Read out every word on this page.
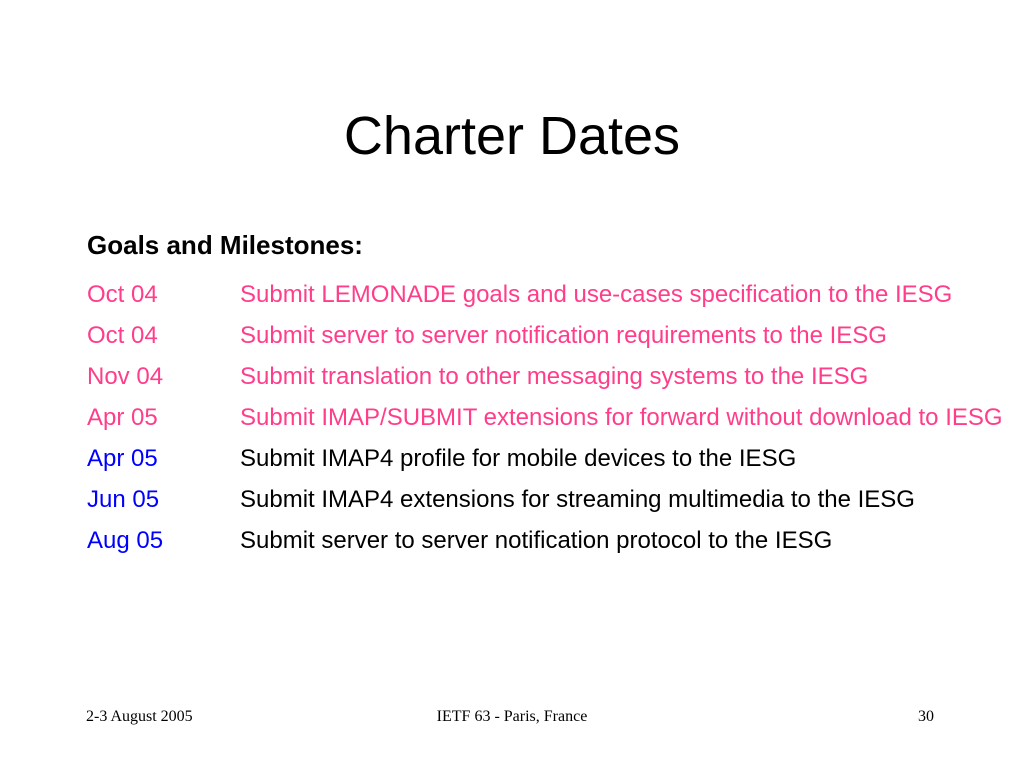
Charter Dates
Goals and Milestones:
Oct 04	Submit LEMONADE goals and use-cases specification to the IESG
Oct 04	Submit server to server notification requirements to the IESG
Nov 04	Submit translation to other messaging systems to the IESG
Apr 05	Submit IMAP/SUBMIT extensions for forward without download to IESG
Apr 05	Submit IMAP4 profile for mobile devices to the IESG
Jun 05	Submit IMAP4 extensions for streaming multimedia to the IESG
Aug 05	Submit server to server notification protocol to the IESG
2-3 August 2005	IETF 63 - Paris, France	30
